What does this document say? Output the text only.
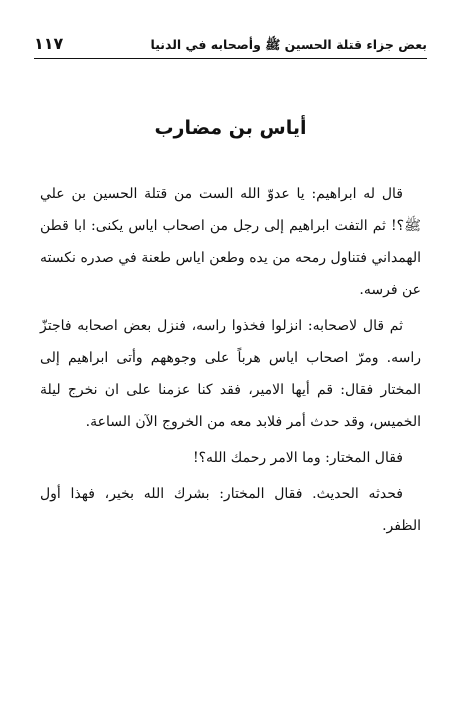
بعض جزاء قتلة الحسين ﷺ وأصحابه في الدنيا
١١٧
أياس بن مضارب

قال له ابراهيم: يا عدوّ الله الست من قتلة الحسين بن علي ﷺ؟! ثم التفت ابراهيم إلى رجل من اصحاب اياس يكنى: ابا قطن الهمداني فتناول رمحه من يده وطعن اياس طعنة في صدره نكسته عن فرسه.

ثم قال لاصحابه: انزلوا فخذوا راسه، فنزل بعض اصحابه فاجتزّ راسه. ومرّ اصحاب اياس هرباً على وجوههم وأتى ابراهيم إلى المختار فقال: قم أيها الامير، فقد كنا عزمنا على ان نخرج ليلة الخميس، وقد حدث أمر فلابد معه من الخروج الآن الساعة.

فقال المختار: وما الامر رحمك الله؟!

فحدثه الحديث. فقال المختار: بشرك الله بخير، فهذا أول الظفر.
